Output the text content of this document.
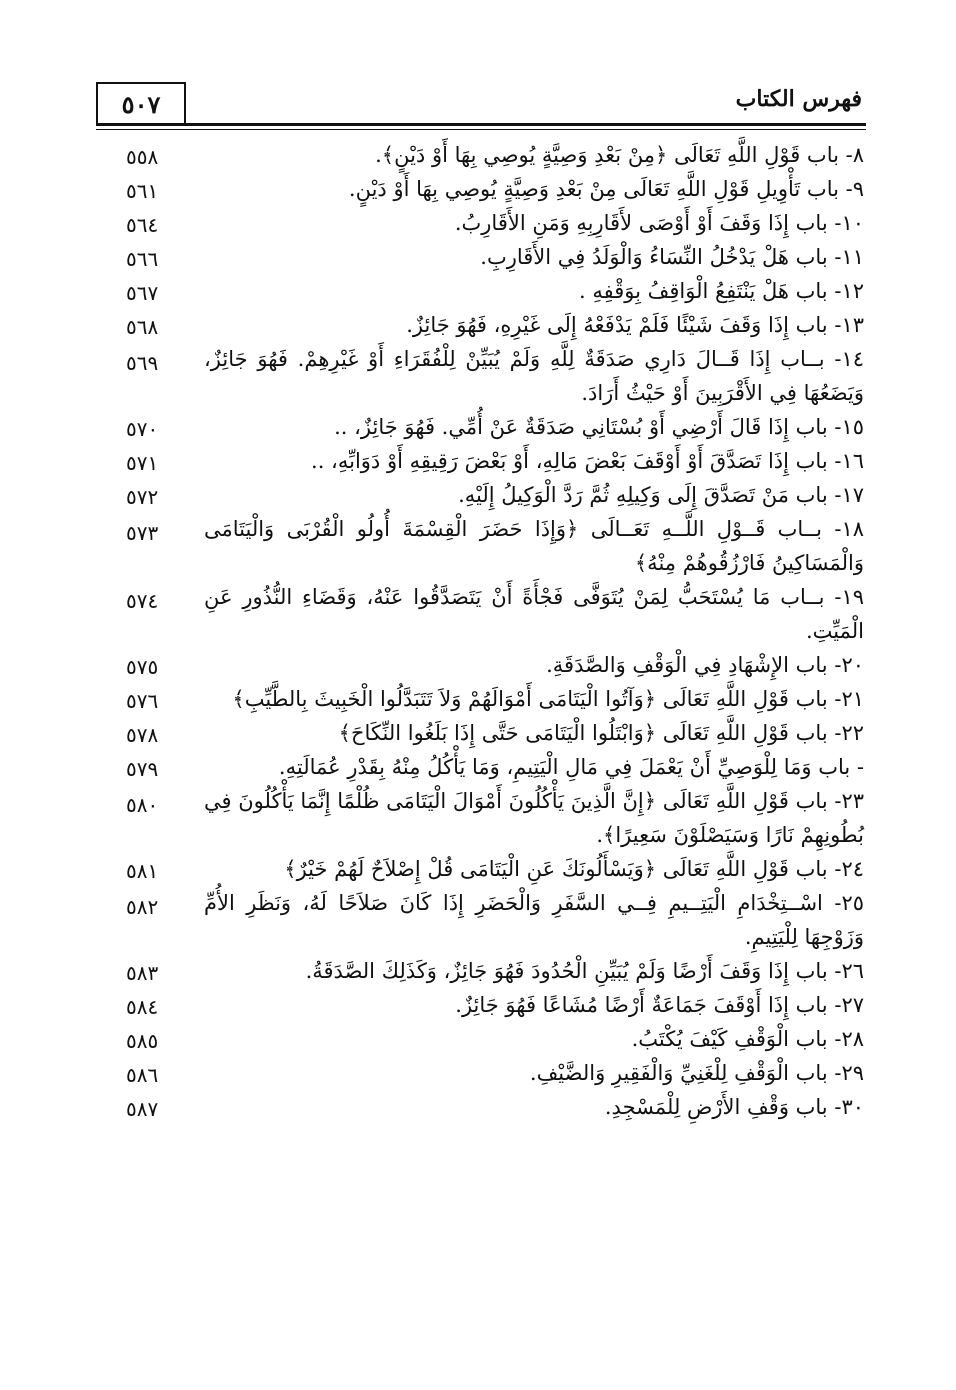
٥٠٧	فهرس الكتاب
٨- باب قَوْلِ اللَّهِ تَعَالَى ﴿مِنْ بَعْدِ وَصِيَّةٍ يُوصِي بِهَا أَوْ دَيْنٍ﴾.
٥٥٨
٩- باب تَأْوِيلِ قَوْلِ اللَّهِ تَعَالَى مِنْ بَعْدِ وَصِيَّةٍ يُوصِي بِهَا أَوْ دَيْنٍ.
٥٦١
١٠- باب إِذَا وَقَفَ أَوْ أَوْصَى لأَقَارِبِهِ وَمَنِ الأَقَارِبُ.
٥٦٤
١١- باب هَلْ يَدْخُلُ النِّسَاءُ وَالْوَلَدُ فِي الأَقَارِبِ.
٥٦٦
١٢- باب هَلْ يَنْتَفِعُ الْوَاقِفُ بِوَقْفِهِ .
٥٦٧
١٣- باب إِذَا وَقَفَ شَيْئًا فَلَمْ يَدْفَعْهُ إِلَى غَيْرِهِ، فَهُوَ جَائِزٌ.
٥٦٨
١٤- بــاب إِذَا قَــالَ دَارِي صَدَقَةٌ لِلَّهِ وَلَمْ يُبَيِّنْ لِلْفُقَرَاءِ أَوْ غَيْرِهِمْ. فَهُوَ جَائِزٌ، وَيَضَعُهَا فِي الأَقْرَبِينَ أَوْ حَيْثُ أَرَادَ.
٥٦٩
١٥- باب إِذَا قَالَ أَرْضِي أَوْ بُسْتَانِي صَدَقَةٌ عَنْ أُمِّي. فَهُوَ جَائِزٌ، ..
٥٧٠
١٦- باب إِذَا تَصَدَّقَ أَوْ أَوْقَفَ بَعْضَ مَالِهِ، أَوْ بَعْضَ رَقِيقِهِ أَوْ دَوَابِّهِ، ..
٥٧١
١٧- باب مَنْ تَصَدَّقَ إِلَى وَكِيلِهِ ثُمَّ رَدَّ الْوَكِيلُ إِلَيْهِ.
٥٧٢
١٨- بــاب قَــوْلِ اللَّــهِ تَعَــالَى ﴿وَإِذَا حَضَرَ الْقِسْمَةَ أُولُو الْقُرْبَى وَالْيَتَامَى وَالْمَسَاكِينُ فَارْزُقُوهُمْ مِنْهُ﴾
٥٧٣
١٩- بــاب مَا يُسْتَحَبُّ لِمَنْ يُتَوَفَّى فَجْأَةً أَنْ يَتَصَدَّقُوا عَنْهُ، وَقَضَاءِ النُّذُورِ عَنِ الْمَيِّتِ.
٥٧٤
٢٠- باب الإِشْهَادِ فِي الْوَقْفِ وَالصَّدَقَةِ.
٥٧٥
٢١- باب قَوْلِ اللَّهِ تَعَالَى ﴿وَآتُوا الْيَتَامَى أَمْوَالَهُمْ وَلاَ تَتَبَدَّلُوا الْخَبِيثَ بِالطَّيِّبِ﴾
٥٧٦
٢٢- باب قَوْلِ اللَّهِ تَعَالَى ﴿وَابْتَلُوا الْيَتَامَى حَتَّى إِذَا بَلَغُوا النِّكَاحَ﴾
٥٧٨
- باب وَمَا لِلْوَصِيِّ أَنْ يَعْمَلَ فِي مَالِ الْيَتِيمِ، وَمَا يَأْكُلُ مِنْهُ بِقَدْرِ عُمَالَتِهِ.
٥٧٩
٢٣- باب قَوْلِ اللَّهِ تَعَالَى ﴿إِنَّ الَّذِينَ يَأْكُلُونَ أَمْوَالَ الْيَتَامَى ظُلْمًا إِنَّمَا يَأْكُلُونَ فِي بُطُونِهِمْ نَارًا وَسَيَصْلَوْنَ سَعِيرًا﴾.
٥٨٠
٢٤- باب قَوْلِ اللَّهِ تَعَالَى ﴿وَيَسْأَلُونَكَ عَنِ الْيَتَامَى قُلْ إِصْلاَحٌ لَهُمْ خَيْرٌ﴾
٥٨١
٢٥- اسْــتِخْدَامِ الْيَتِــيمِ فِــي السَّفَرِ وَالْحَضَرِ إِذَا كَانَ صَلاَحًا لَهُ، وَنَظَرِ الأُمِّ وَزَوْجِهَا لِلْيَتِيمِ.
٥٨٢
٢٦- باب إِذَا وَقَفَ أَرْضًا وَلَمْ يُبَيِّنِ الْحُدُودَ فَهُوَ جَائِزٌ، وَكَذَلِكَ الصَّدَقَةُ.
٥٨٣
٢٧- باب إِذَا أَوْقَفَ جَمَاعَةٌ أَرْضًا مُشَاعًا فَهُوَ جَائِزٌ.
٥٨٤
٢٨- باب الْوَقْفِ كَيْفَ يُكْتَبُ.
٥٨٥
٢٩- باب الْوَقْفِ لِلْغَنِيِّ وَالْفَقِيرِ وَالضَّيْفِ.
٥٨٦
٣٠- باب وَقْفِ الأَرْضِ لِلْمَسْجِدِ.
٥٨٧
